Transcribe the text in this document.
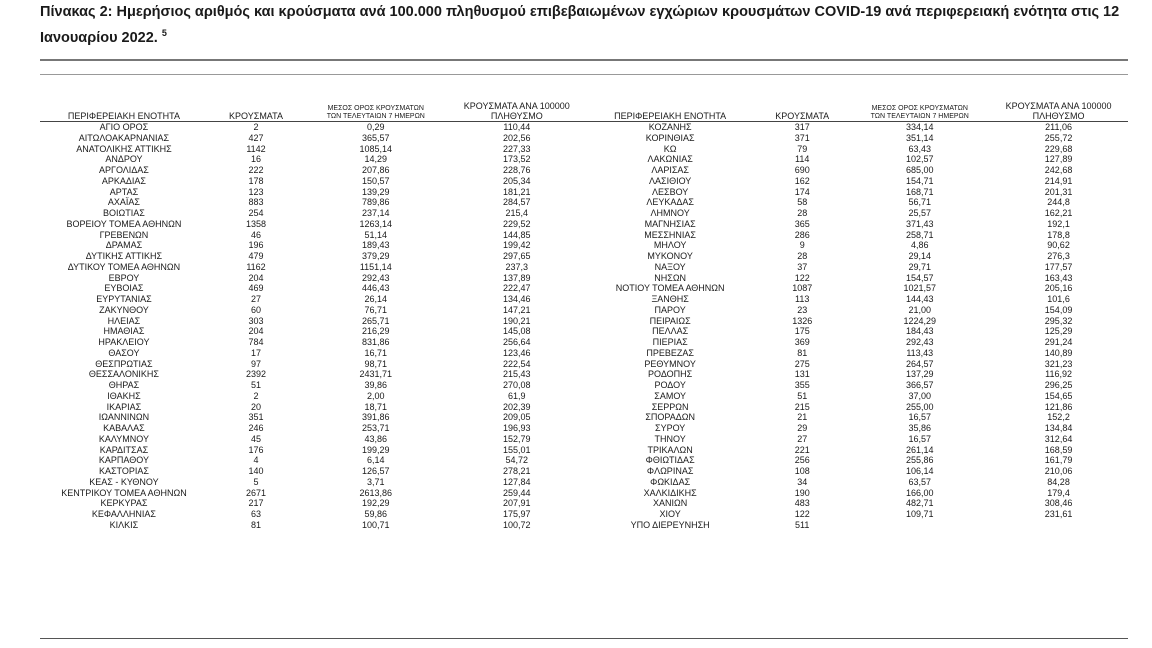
Πίνακας 2: Ημερήσιος αριθμός και κρούσματα ανά 100.000 πληθυσμού επιβεβαιωμένων εγχώριων κρουσμάτων COVID-19 ανά περιφερειακή ενότητα στις 12 Ιανουαρίου 2022. $^5$
ΠΕΡΙΦΕΡΕΙΑΚΗ ΕΝΟΤΗΤΑ	ΚΡΟΥΣΜΑΤΑ	ΜΕΣΟΣ ΟΡΟΣ ΚΡΟΥΣΜΑΤΩΝ
ΤΩΝ ΤΕΛΕΥΤΑΙΩΝ 7 ΗΜΕΡΩΝ	ΚΡΟΥΣΜΑΤΑ ΑΝΑ 100000
ΠΛΗΘΥΣΜΟ	ΠΕΡΙΦΕΡΕΙΑΚΗ ΕΝΟΤΗΤΑ	ΚΡΟΥΣΜΑΤΑ	ΜΕΣΟΣ ΟΡΟΣ ΚΡΟΥΣΜΑΤΩΝ
ΤΩΝ ΤΕΛΕΥΤΑΙΩΝ 7 ΗΜΕΡΩΝ	ΚΡΟΥΣΜΑΤΑ ΑΝΑ 100000
ΠΛΗΘΥΣΜΟ
ΑΓΙΟ ΟΡΟΣ	2	0,29	110,44	ΚΟΖΑΝΗΣ	317	334,14	211,06
ΑΙΤΩΛΟΑΚΑΡΝΑΝΙΑΣ	427	365,57	202,56	ΚΟΡΙΝΘΙΑΣ	371	351,14	255,72
ΑΝΑΤΟΛΙΚΗΣ ΑΤΤΙΚΗΣ	1142	1085,14	227,33	ΚΩ	79	63,43	229,68
ΑΝΔΡΟΥ	16	14,29	173,52	ΛΑΚΩΝΙΑΣ	114	102,57	127,89
ΑΡΓΟΛΙΔΑΣ	222	207,86	228,76	ΛΑΡΙΣΑΣ	690	685,00	242,68
ΑΡΚΑΔΙΑΣ	178	150,57	205,34	ΛΑΣΙΘΙΟΥ	162	154,71	214,91
ΑΡΤΑΣ	123	139,29	181,21	ΛΕΣΒΟΥ	174	168,71	201,31
ΑΧΑΪΑΣ	883	789,86	284,57	ΛΕΥΚΑΔΑΣ	58	56,71	244,8
ΒΟΙΩΤΙΑΣ	254	237,14	215,4	ΛΗΜΝΟΥ	28	25,57	162,21
ΒΟΡΕΙΟΥ ΤΟΜΕΑ ΑΘΗΝΩΝ	1358	1263,14	229,52	ΜΑΓΝΗΣΙΑΣ	365	371,43	192,1
ΓΡΕΒΕΝΩΝ	46	51,14	144,85	ΜΕΣΣΗΝΙΑΣ	286	258,71	178,8
ΔΡΑΜΑΣ	196	189,43	199,42	ΜΗΛΟΥ	9	4,86	90,62
ΔΥΤΙΚΗΣ ΑΤΤΙΚΗΣ	479	379,29	297,65	ΜΥΚΟΝΟΥ	28	29,14	276,3
ΔΥΤΙΚΟΥ ΤΟΜΕΑ ΑΘΗΝΩΝ	1162	1151,14	237,3	ΝΑΞΟΥ	37	29,71	177,57
ΕΒΡΟΥ	204	292,43	137,89	ΝΗΣΩΝ	122	154,57	163,43
ΕΥΒΟΙΑΣ	469	446,43	222,47	ΝΟΤΙΟΥ ΤΟΜΕΑ ΑΘΗΝΩΝ	1087	1021,57	205,16
ΕΥΡΥΤΑΝΙΑΣ	27	26,14	134,46	ΞΑΝΘΗΣ	113	144,43	101,6
ΖΑΚΥΝΘΟΥ	60	76,71	147,21	ΠΑΡΟΥ	23	21,00	154,09
ΗΛΕΙΑΣ	303	265,71	190,21	ΠΕΙΡΑΙΩΣ	1326	1224,29	295,32
ΗΜΑΘΙΑΣ	204	216,29	145,08	ΠΕΛΛΑΣ	175	184,43	125,29
ΗΡΑΚΛΕΙΟΥ	784	831,86	256,64	ΠΙΕΡΙΑΣ	369	292,43	291,24
ΘΑΣΟΥ	17	16,71	123,46	ΠΡΕΒΕΖΑΣ	81	113,43	140,89
ΘΕΣΠΡΩΤΙΑΣ	97	98,71	222,54	ΡΕΘΥΜΝΟΥ	275	264,57	321,23
ΘΕΣΣΑΛΟΝΙΚΗΣ	2392	2431,71	215,43	ΡΟΔΟΠΗΣ	131	137,29	116,92
ΘΗΡΑΣ	51	39,86	270,08	ΡΟΔΟΥ	355	366,57	296,25
ΙΘΑΚΗΣ	2	2,00	61,9	ΣΑΜΟΥ	51	37,00	154,65
ΙΚΑΡΙΑΣ	20	18,71	202,39	ΣΕΡΡΩΝ	215	255,00	121,86
ΙΩΑΝΝΙΝΩΝ	351	391,86	209,05	ΣΠΟΡΑΔΩΝ	21	16,57	152,2
ΚΑΒΑΛΑΣ	246	253,71	196,93	ΣΥΡΟΥ	29	35,86	134,84
ΚΑΛΥΜΝΟΥ	45	43,86	152,79	ΤΗΝΟΥ	27	16,57	312,64
ΚΑΡΔΙΤΣΑΣ	176	199,29	155,01	ΤΡΙΚΑΛΩΝ	221	261,14	168,59
ΚΑΡΠΑΘΟΥ	4	6,14	54,72	ΦΘΙΩΤΙΔΑΣ	256	255,86	161,79
ΚΑΣΤΟΡΙΑΣ	140	126,57	278,21	ΦΛΩΡΙΝΑΣ	108	106,14	210,06
ΚΕΑΣ - ΚΥΘΝΟΥ	5	3,71	127,84	ΦΩΚΙΔΑΣ	34	63,57	84,28
ΚΕΝΤΡΙΚΟΥ ΤΟΜΕΑ ΑΘΗΝΩΝ	2671	2613,86	259,44	ΧΑΛΚΙΔΙΚΗΣ	190	166,00	179,4
ΚΕΡΚΥΡΑΣ	217	192,29	207,91	ΧΑΝΙΩΝ	483	482,71	308,46
ΚΕΦΑΛΛΗΝΙΑΣ	63	59,86	175,97	ΧΙΟΥ	122	109,71	231,61
ΚΙΛΚΙΣ	81	100,71	100,72	ΥΠΟ ΔΙΕΡΕΥΝΗΣΗ	511		
